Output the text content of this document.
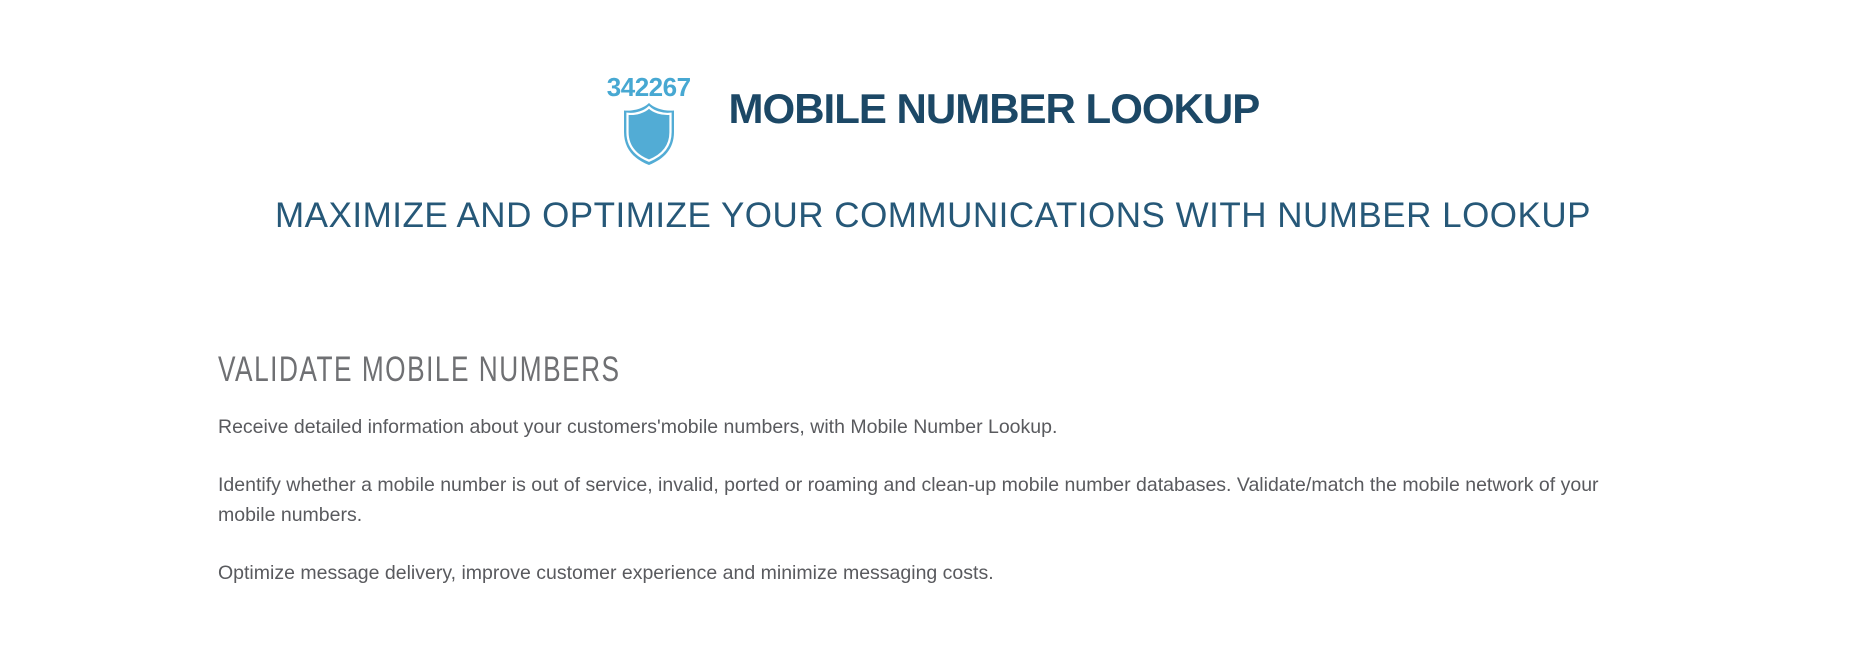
342267 MOBILE NUMBER LOOKUP
MAXIMIZE AND OPTIMIZE YOUR COMMUNICATIONS WITH NUMBER LOOKUP
VALIDATE MOBILE NUMBERS

Receive detailed information about your customers'mobile numbers, with Mobile Number Lookup.

Identify whether a mobile number is out of service, invalid, ported or roaming and clean-up mobile number databases. Validate/match the mobile network of your mobile numbers.

Optimize message delivery, improve customer experience and minimize messaging costs.
